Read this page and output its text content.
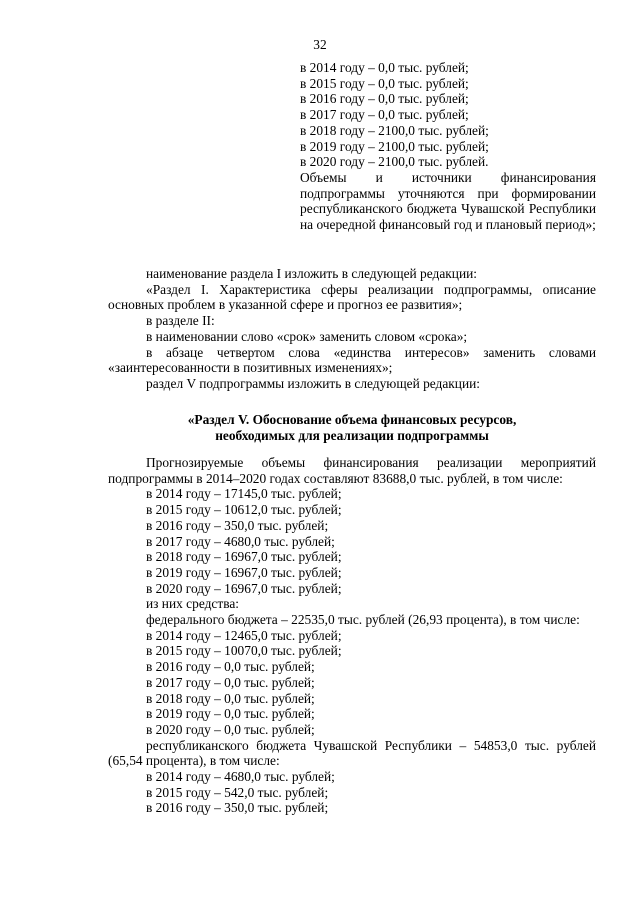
32
в 2014 году – 0,0 тыс. рублей;
в 2015 году – 0,0 тыс. рублей;
в 2016 году – 0,0 тыс. рублей;
в 2017 году – 0,0 тыс. рублей;
в 2018 году – 2100,0 тыс. рублей;
в 2019 году – 2100,0 тыс. рублей;
в 2020 году – 2100,0 тыс. рублей.
Объемы и источники финансирования подпрограммы уточняются при формировании республиканского бюджета Чувашской Республики на очередной финансовый год и плановый период»;

наименование раздела I изложить в следующей редакции:

«Раздел I. Характеристика сферы реализации подпрограммы, описание основных проблем в указанной сфере и прогноз ее развития»;

в разделе II:

в наименовании слово «срок» заменить словом «срока»;

в абзаце четвертом слова «единства интересов» заменить словами «заинтересованности в позитивных изменениях»;

раздел V подпрограммы изложить в следующей редакции:

«Раздел V. Обоснование объема финансовых ресурсов,
необходимых для реализации подпрограммы

Прогнозируемые объемы финансирования реализации мероприятий подпрограммы в 2014–2020 годах составляют 83688,0 тыс. рублей, в том числе:

в 2014 году – 17145,0 тыс. рублей;
в 2015 году – 10612,0 тыс. рублей;
в 2016 году – 350,0 тыс. рублей;
в 2017 году – 4680,0 тыс. рублей;
в 2018 году – 16967,0 тыс. рублей;
в 2019 году – 16967,0 тыс. рублей;
в 2020 году – 16967,0 тыс. рублей;
из них средства:

федерального бюджета – 22535,0 тыс. рублей (26,93 процента), в том числе:

в 2014 году – 12465,0 тыс. рублей;
в 2015 году – 10070,0 тыс. рублей;
в 2016 году – 0,0 тыс. рублей;
в 2017 году – 0,0 тыс. рублей;
в 2018 году – 0,0 тыс. рублей;
в 2019 году – 0,0 тыс. рублей;
в 2020 году – 0,0 тыс. рублей;

республиканского бюджета Чувашской Республики – 54853,0 тыс. рублей (65,54 процента), в том числе:

в 2014 году – 4680,0 тыс. рублей;
в 2015 году – 542,0 тыс. рублей;
в 2016 году – 350,0 тыс. рублей;
